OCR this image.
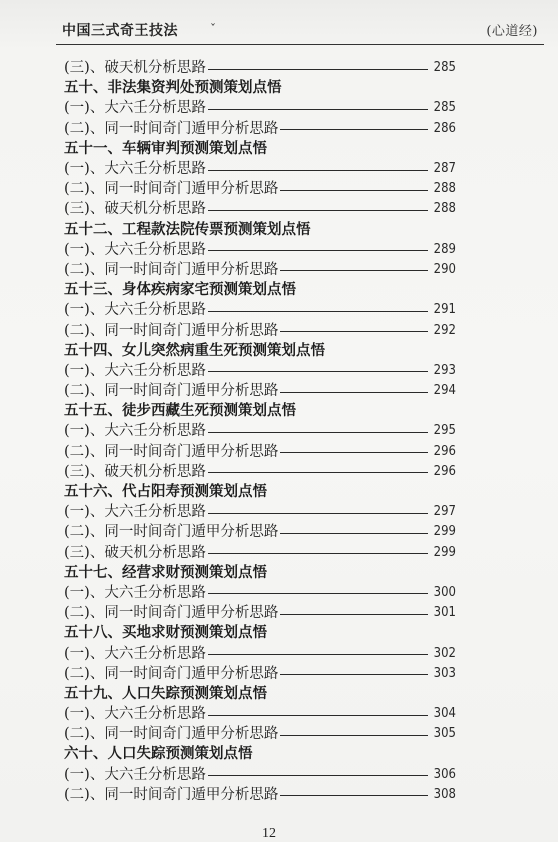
中国三式奇王技法	ˇ	(心道经)
(三)、破天机分析思路	285
五十、非法集资判处预测策划点悟
(一)、大六壬分析思路	285
(二)、同一时间奇门遁甲分析思路	286
五十一、车辆审判预测策划点悟
(一)、大六壬分析思路	287
(二)、同一时间奇门遁甲分析思路	288
(三)、破天机分析思路	288
五十二、工程款法院传票预测策划点悟
(一)、大六壬分析思路	289
(二)、同一时间奇门遁甲分析思路	290
五十三、身体疾病家宅预测策划点悟
(一)、大六壬分析思路	291
(二)、同一时间奇门遁甲分析思路	292
五十四、女儿突然病重生死预测策划点悟
(一)、大六壬分析思路	293
(二)、同一时间奇门遁甲分析思路	294
五十五、徒步西藏生死预测策划点悟
(一)、大六壬分析思路	295
(二)、同一时间奇门遁甲分析思路	296
(三)、破天机分析思路	296
五十六、代占阳寿预测策划点悟
(一)、大六壬分析思路	297
(二)、同一时间奇门遁甲分析思路	299
(三)、破天机分析思路	299
五十七、经营求财预测策划点悟
(一)、大六壬分析思路	300
(二)、同一时间奇门遁甲分析思路	301
五十八、买地求财预测策划点悟
(一)、大六壬分析思路	302
(二)、同一时间奇门遁甲分析思路	303
五十九、人口失踪预测策划点悟
(一)、大六壬分析思路	304
(二)、同一时间奇门遁甲分析思路	305
六十、人口失踪预测策划点悟
(一)、大六壬分析思路	306
(二)、同一时间奇门遁甲分析思路	308
12
